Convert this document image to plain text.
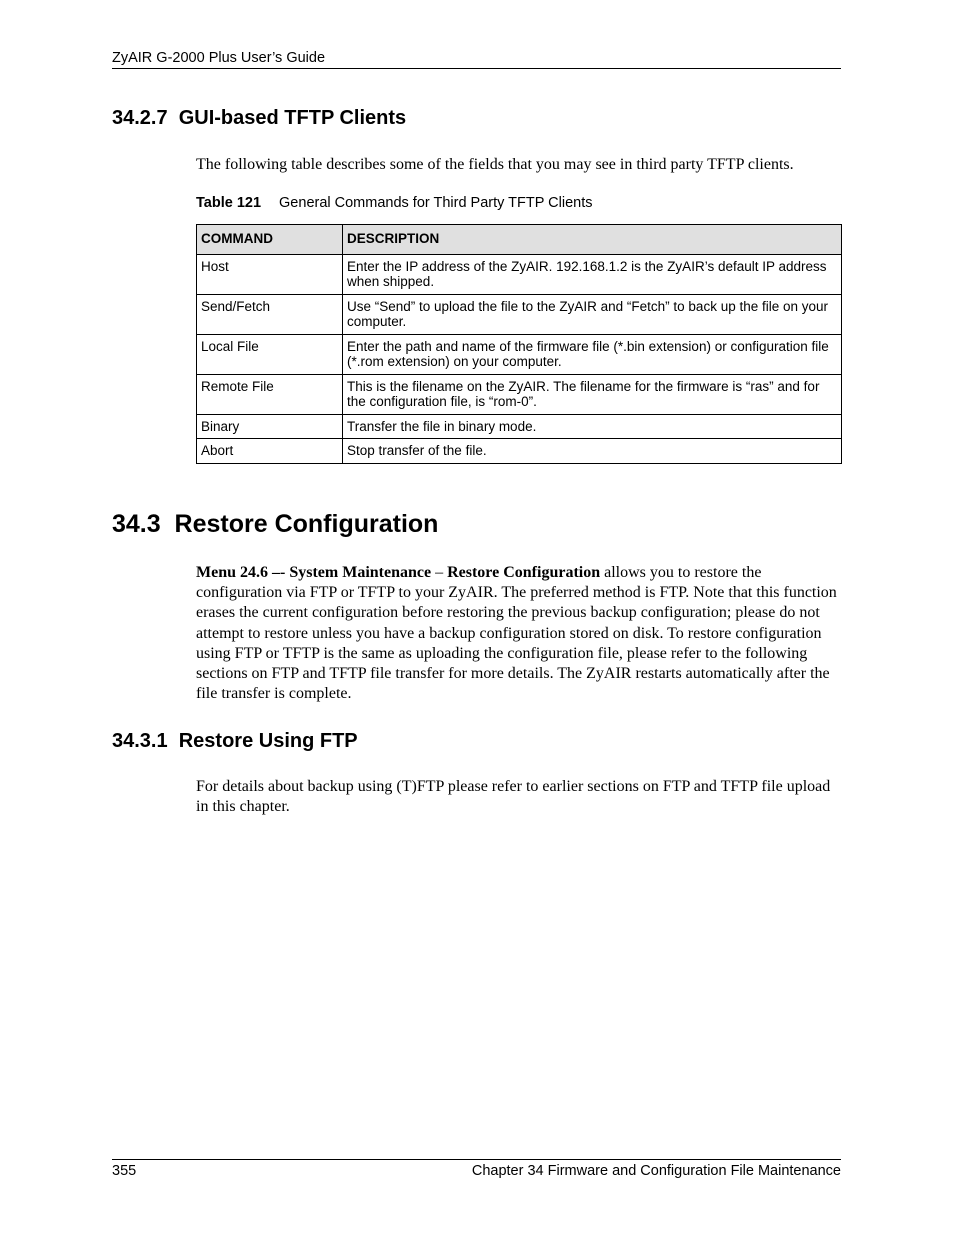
ZyAIR G-2000 Plus User’s Guide
34.2.7  GUI-based TFTP Clients

The following table describes some of the fields that you may see in third party TFTP clients.

Table 121 General Commands for Third Party TFTP Clients
COMMAND	DESCRIPTION
Host	Enter the IP address of the ZyAIR. 192.168.1.2 is the ZyAIR’s default IP address when shipped.
Send/Fetch	Use “Send” to upload the file to the ZyAIR and “Fetch” to back up the file on your computer.
Local File	Enter the path and name of the firmware file (*.bin extension) or configuration file (*.rom extension) on your computer.
Remote File	This is the filename on the ZyAIR. The filename for the firmware is “ras” and for the configuration file, is “rom-0”.
Binary	Transfer the file in binary mode.
Abort	Stop transfer of the file.
34.3  Restore Configuration

Menu 24.6 –- System Maintenance – Restore Configuration allows you to restore the configuration via FTP or TFTP to your ZyAIR. The preferred method is FTP. Note that this function erases the current configuration before restoring the previous backup configuration; please do not attempt to restore unless you have a backup configuration stored on disk. To restore configuration using FTP or TFTP is the same as uploading the configuration file, please refer to the following sections on FTP and TFTP file transfer for more details. The ZyAIR restarts automatically after the file transfer is complete.

34.3.1  Restore Using FTP

For details about backup using (T)FTP please refer to earlier sections on FTP and TFTP file upload in this chapter.

355	Chapter 34 Firmware and Configuration File Maintenance
